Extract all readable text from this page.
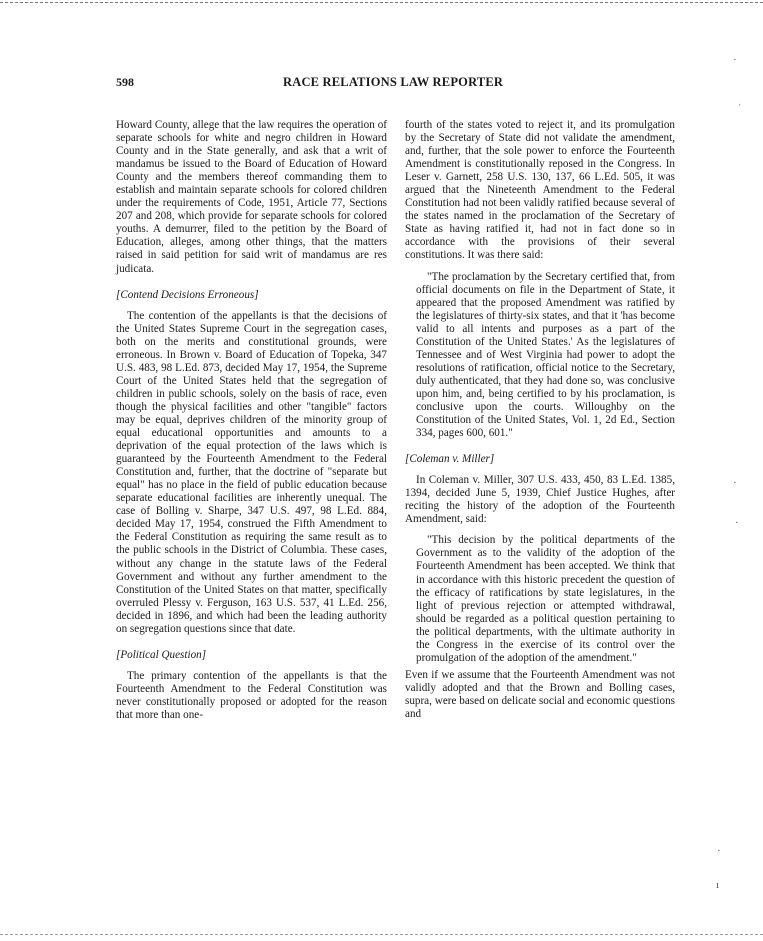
598	RACE RELATIONS LAW REPORTER

Howard County, allege that the law requires the operation of separate schools for white and negro children in Howard County and in the State generally, and ask that a writ of mandamus be issued to the Board of Education of Howard County and the members thereof commanding them to establish and maintain separate schools for colored children under the requirements of Code, 1951, Article 77, Sections 207 and 208, which provide for separate schools for colored youths. A demurrer, filed to the petition by the Board of Education, alleges, among other things, that the matters raised in said petition for said writ of mandamus are res judicata.

[Contend Decisions Erroneous]

The contention of the appellants is that the decisions of the United States Supreme Court in the segregation cases, both on the merits and constitutional grounds, were erroneous. In Brown v. Board of Education of Topeka, 347 U.S. 483, 98 L.Ed. 873, decided May 17, 1954, the Supreme Court of the United States held that the segregation of children in public schools, solely on the basis of race, even though the physical facilities and other "tangible" factors may be equal, deprives children of the minority group of equal educational opportunities and amounts to a deprivation of the equal protection of the laws which is guaranteed by the Fourteenth Amendment to the Federal Constitution and, further, that the doctrine of "separate but equal" has no place in the field of public education because separate educational facilities are inherently unequal. The case of Bolling v. Sharpe, 347 U.S. 497, 98 L.Ed. 884, decided May 17, 1954, construed the Fifth Amendment to the Federal Constitution as requiring the same result as to the public schools in the District of Columbia. These cases, without any change in the statute laws of the Federal Government and without any further amendment to the Constitution of the United States on that matter, specifically overruled Plessy v. Ferguson, 163 U.S. 537, 41 L.Ed. 256, decided in 1896, and which had been the leading authority on segregation questions since that date.

[Political Question]

The primary contention of the appellants is that the Fourteenth Amendment to the Federal Constitution was never constitutionally proposed or adopted for the reason that more than one-

fourth of the states voted to reject it, and its promulgation by the Secretary of State did not validate the amendment, and, further, that the sole power to enforce the Fourteenth Amendment is constitutionally reposed in the Congress. In Leser v. Garnett, 258 U.S. 130, 137, 66 L.Ed. 505, it was argued that the Nineteenth Amendment to the Federal Constitution had not been validly ratified because several of the states named in the proclamation of the Secretary of State as having ratified it, had not in fact done so in accordance with the provisions of their several constitutions. It was there said:

"The proclamation by the Secretary certified that, from official documents on file in the Department of State, it appeared that the proposed Amendment was ratified by the legislatures of thirty-six states, and that it 'has become valid to all intents and purposes as a part of the Constitution of the United States.' As the legislatures of Tennessee and of West Virginia had power to adopt the resolutions of ratification, official notice to the Secretary, duly authenticated, that they had done so, was conclusive upon him, and, being certified to by his proclamation, is conclusive upon the courts. Willoughby on the Constitution of the United States, Vol. 1, 2d Ed., Section 334, pages 600, 601."

[Coleman v. Miller]

In Coleman v. Miller, 307 U.S. 433, 450, 83 L.Ed. 1385, 1394, decided June 5, 1939, Chief Justice Hughes, after reciting the history of the adoption of the Fourteenth Amendment, said:

"This decision by the political departments of the Government as to the validity of the adoption of the Fourteenth Amendment has been accepted. We think that in accordance with this historic precedent the question of the efficacy of ratifications by state legislatures, in the light of previous rejection or attempted withdrawal, should be regarded as a political question pertaining to the political departments, with the ultimate authority in the Congress in the exercise of its control over the promulgation of the adoption of the amendment."

Even if we assume that the Fourteenth Amendment was not validly adopted and that the Brown and Bolling cases, supra, were based on delicate social and economic questions and

˙
ˌ
·
·
·
ı
